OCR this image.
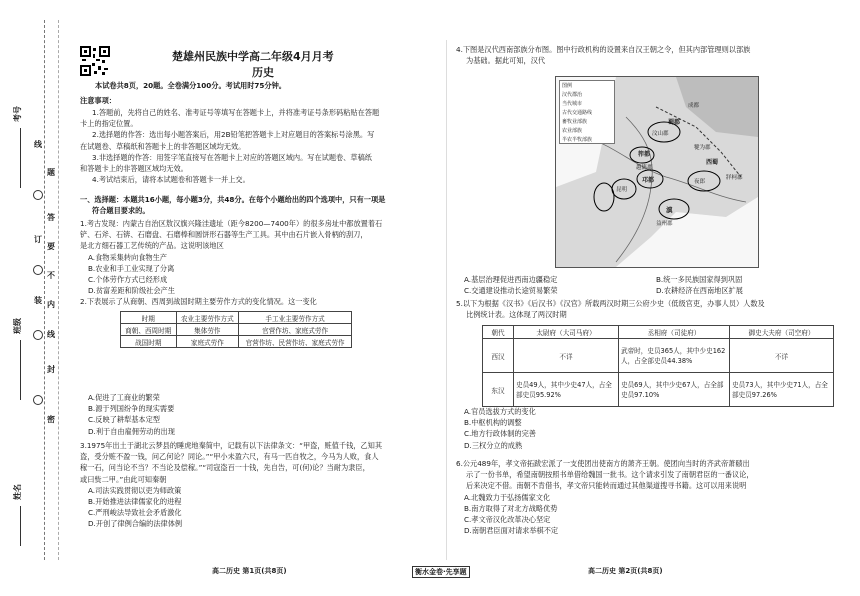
考号
班级
姓名
线
订
装
题
答
要
不
内
线
封
密
楚雄州民族中学高二年级4月月考
历史
本试卷共8页，20题。全卷满分100分。考试用时75分钟。
注意事项：
1.答题前，先将自己的姓名、准考证号等填写在答题卡上，并将准考证号条形码粘贴在答题
卡上的指定位置。
2.选择题的作答：选出每小题答案后，用2B铅笔把答题卡上对应题目的答案标号涂黑。写
在试题卷、草稿纸和答题卡上的非答题区域均无效。
3.非选择题的作答：用签字笔直接写在答题卡上对应的答题区域内。写在试题卷、草稿纸
和答题卡上的非答题区域均无效。
4.考试结束后，请将本试题卷和答题卡一并上交。
一、选择题：本题共16小题，每小题3分，共48分。在每个小题给出的四个选项中，只有一项是
符合题目要求的。
1.考古发现：内蒙古自治区敖汉旗兴隆洼遗址（距今8200—7400年）的很多房址中都放置着石
铲、石斧、石锛、石磨盘、石磨棒和圆饼形石器等生产工具。其中由石片嵌入骨柄的刮刀，
是北方细石器工艺传统的产品。这说明该地区
A.食物采集转向食物生产
B.农业和手工业实现了分离
C.个体劳作方式已经形成
D.贫富差距和阶级社会产生
2.下表展示了从商朝、西周到战国时期主要劳作方式的变化情况。这一变化
时期	农业主要劳作方式	手工业主要劳作方式
商朝、西周时期	集体劳作	官营作坊、家庭式劳作
战国时期	家庭式劳作	官营作坊、民营作坊、家庭式劳作
A.促进了工商业的繁荣
B.源于列国纷争的现实需要
C.反映了耕犁基本定型
D.利于自由雇佣劳动的出现
3.1975年出土于湖北云梦县的睡虎地秦简中，记载有以下法律条文：“甲盗，赃值千钱，乙知其
盗，受分赃不盈一钱，问乙何论？同论。”“甲小未盈六尺，有马一匹自牧之，今马为人败，食人
稼一石，问当论不当？不当论及偿稼。”“司寇盗百一十钱，先自告，可(何)论？当耐为隶臣，
或曰赀二甲。”由此可知秦朝
A.司法实践贯彻以吏为师政策
B.开始推进法律儒家化的进程
C.严刑峻法导致社会矛盾激化
D.开创了律例合编的法律体例
4.下图是汉代西南部族分布图。图中行政机构的设置来自汉王朝之令，但其内部管理则以部族
为基础。据此可知，汉代
图例
汉代郡治
当代城市
古代交通路线
畜牧业部族
农业部族
半农半牧部族
成都
汶山郡
犍为郡
牂柯郡
越巂郡
益州郡
昆明
夜郎
滇
筰都
邛都
西蜀
蜀郡
A.基层治理促进西南边疆稳定	B.统一多民族国家得到巩固
C.交通建设推动长途贸易繁荣	D.农耕经济在西南地区扩展
5.以下为根据《汉书》《后汉书》《汉官》所载两汉时期三公府少史（低级官吏，办事人员）人数及
比例统计表。这体现了两汉时期
朝代	太尉府（大司马府）	丞相府（司徒府）	御史大夫府（司空府）
西汉	不详	武帝时，史员365人，其中少史162人，占全部史员44.38%	不详
东汉	史员49人，其中少史47人，占全部史员95.92%	史员69人，其中少史67人，占全部史员97.10%	史员73人，其中少史71人，占全部史员97.26%
A.官员选拔方式的变化
B.中枢机构的调整
C.地方行政体制的完善
D.三权分立的成熟
6.公元489年，孝文帝拓跋宏派了一支使团出使南方的萧齐王朝。使团向当时的齐武帝萧赜出
示了一份书单，希望南朝按照书单借给魏国一批书。这个请求引发了南朝君臣的一番议论，
后来决定不借。南朝不肯借书，孝文帝只能转而通过其他渠道搜寻书籍。这可以用来说明
A.北魏致力于弘扬儒家文化
B.南方取得了对北方战略优势
C.孝文帝汉化改革决心坚定
D.南朝君臣面对请求举棋不定
高二历史 第1页(共8页)	衡水金卷·先享题	高二历史 第2页(共8页)
